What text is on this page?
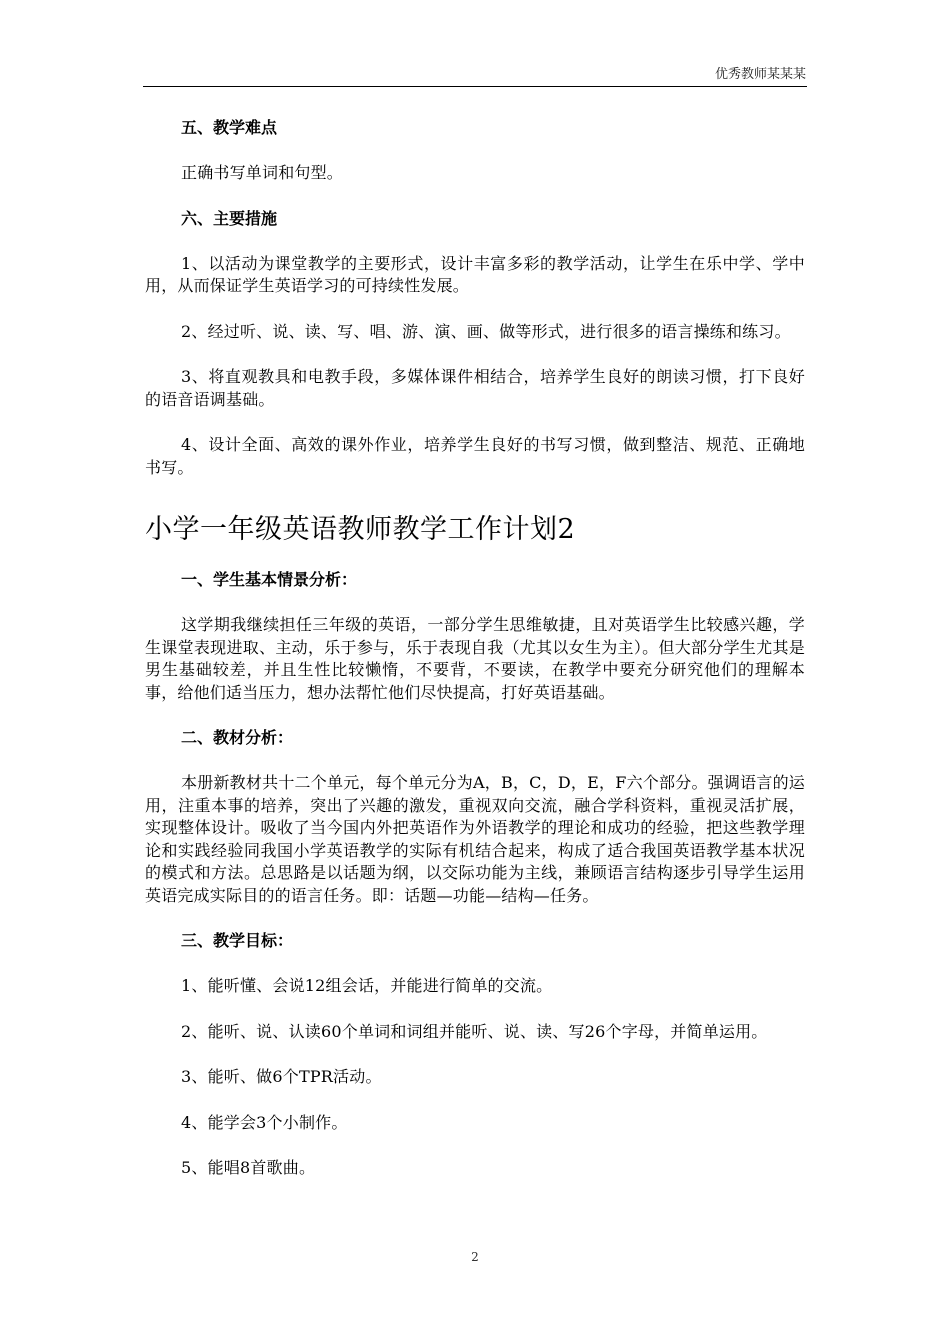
优秀教师某某某
五、教学难点
正确书写单词和句型。
六、主要措施
1、以活动为课堂教学的主要形式，设计丰富多彩的教学活动，让学生在乐中学、学中用，从而保证学生英语学习的可持续性发展。
2、经过听、说、读、写、唱、游、演、画、做等形式，进行很多的语言操练和练习。
3、将直观教具和电教手段，多媒体课件相结合，培养学生良好的朗读习惯，打下良好的语音语调基础。
4、设计全面、高效的课外作业，培养学生良好的书写习惯，做到整洁、规范、正确地书写。
小学一年级英语教师教学工作计划2
一、学生基本情景分析：
这学期我继续担任三年级的英语，一部分学生思维敏捷，且对英语学生比较感兴趣，学生课堂表现进取、主动，乐于参与，乐于表现自我（尤其以女生为主）。但大部分学生尤其是男生基础较差，并且生性比较懒惰，不要背，不要读，在教学中要充分研究他们的理解本事，给他们适当压力，想办法帮忙他们尽快提高，打好英语基础。
二、教材分析：
本册新教材共十二个单元，每个单元分为A，B，C，D，E，F六个部分。强调语言的运用，注重本事的培养，突出了兴趣的激发，重视双向交流，融合学科资料，重视灵活扩展，实现整体设计。吸收了当今国内外把英语作为外语教学的理论和成功的经验，把这些教学理论和实践经验同我国小学英语教学的实际有机结合起来，构成了适合我国英语教学基本状况的模式和方法。总思路是以话题为纲，以交际功能为主线，兼顾语言结构逐步引导学生运用英语完成实际目的的语言任务。即：话题—功能—结构—任务。
三、教学目标：
1、能听懂、会说12组会话，并能进行简单的交流。
2、能听、说、认读60个单词和词组并能听、说、读、写26个字母，并简单运用。
3、能听、做6个TPR活动。
4、能学会3个小制作。
5、能唱8首歌曲。
2
